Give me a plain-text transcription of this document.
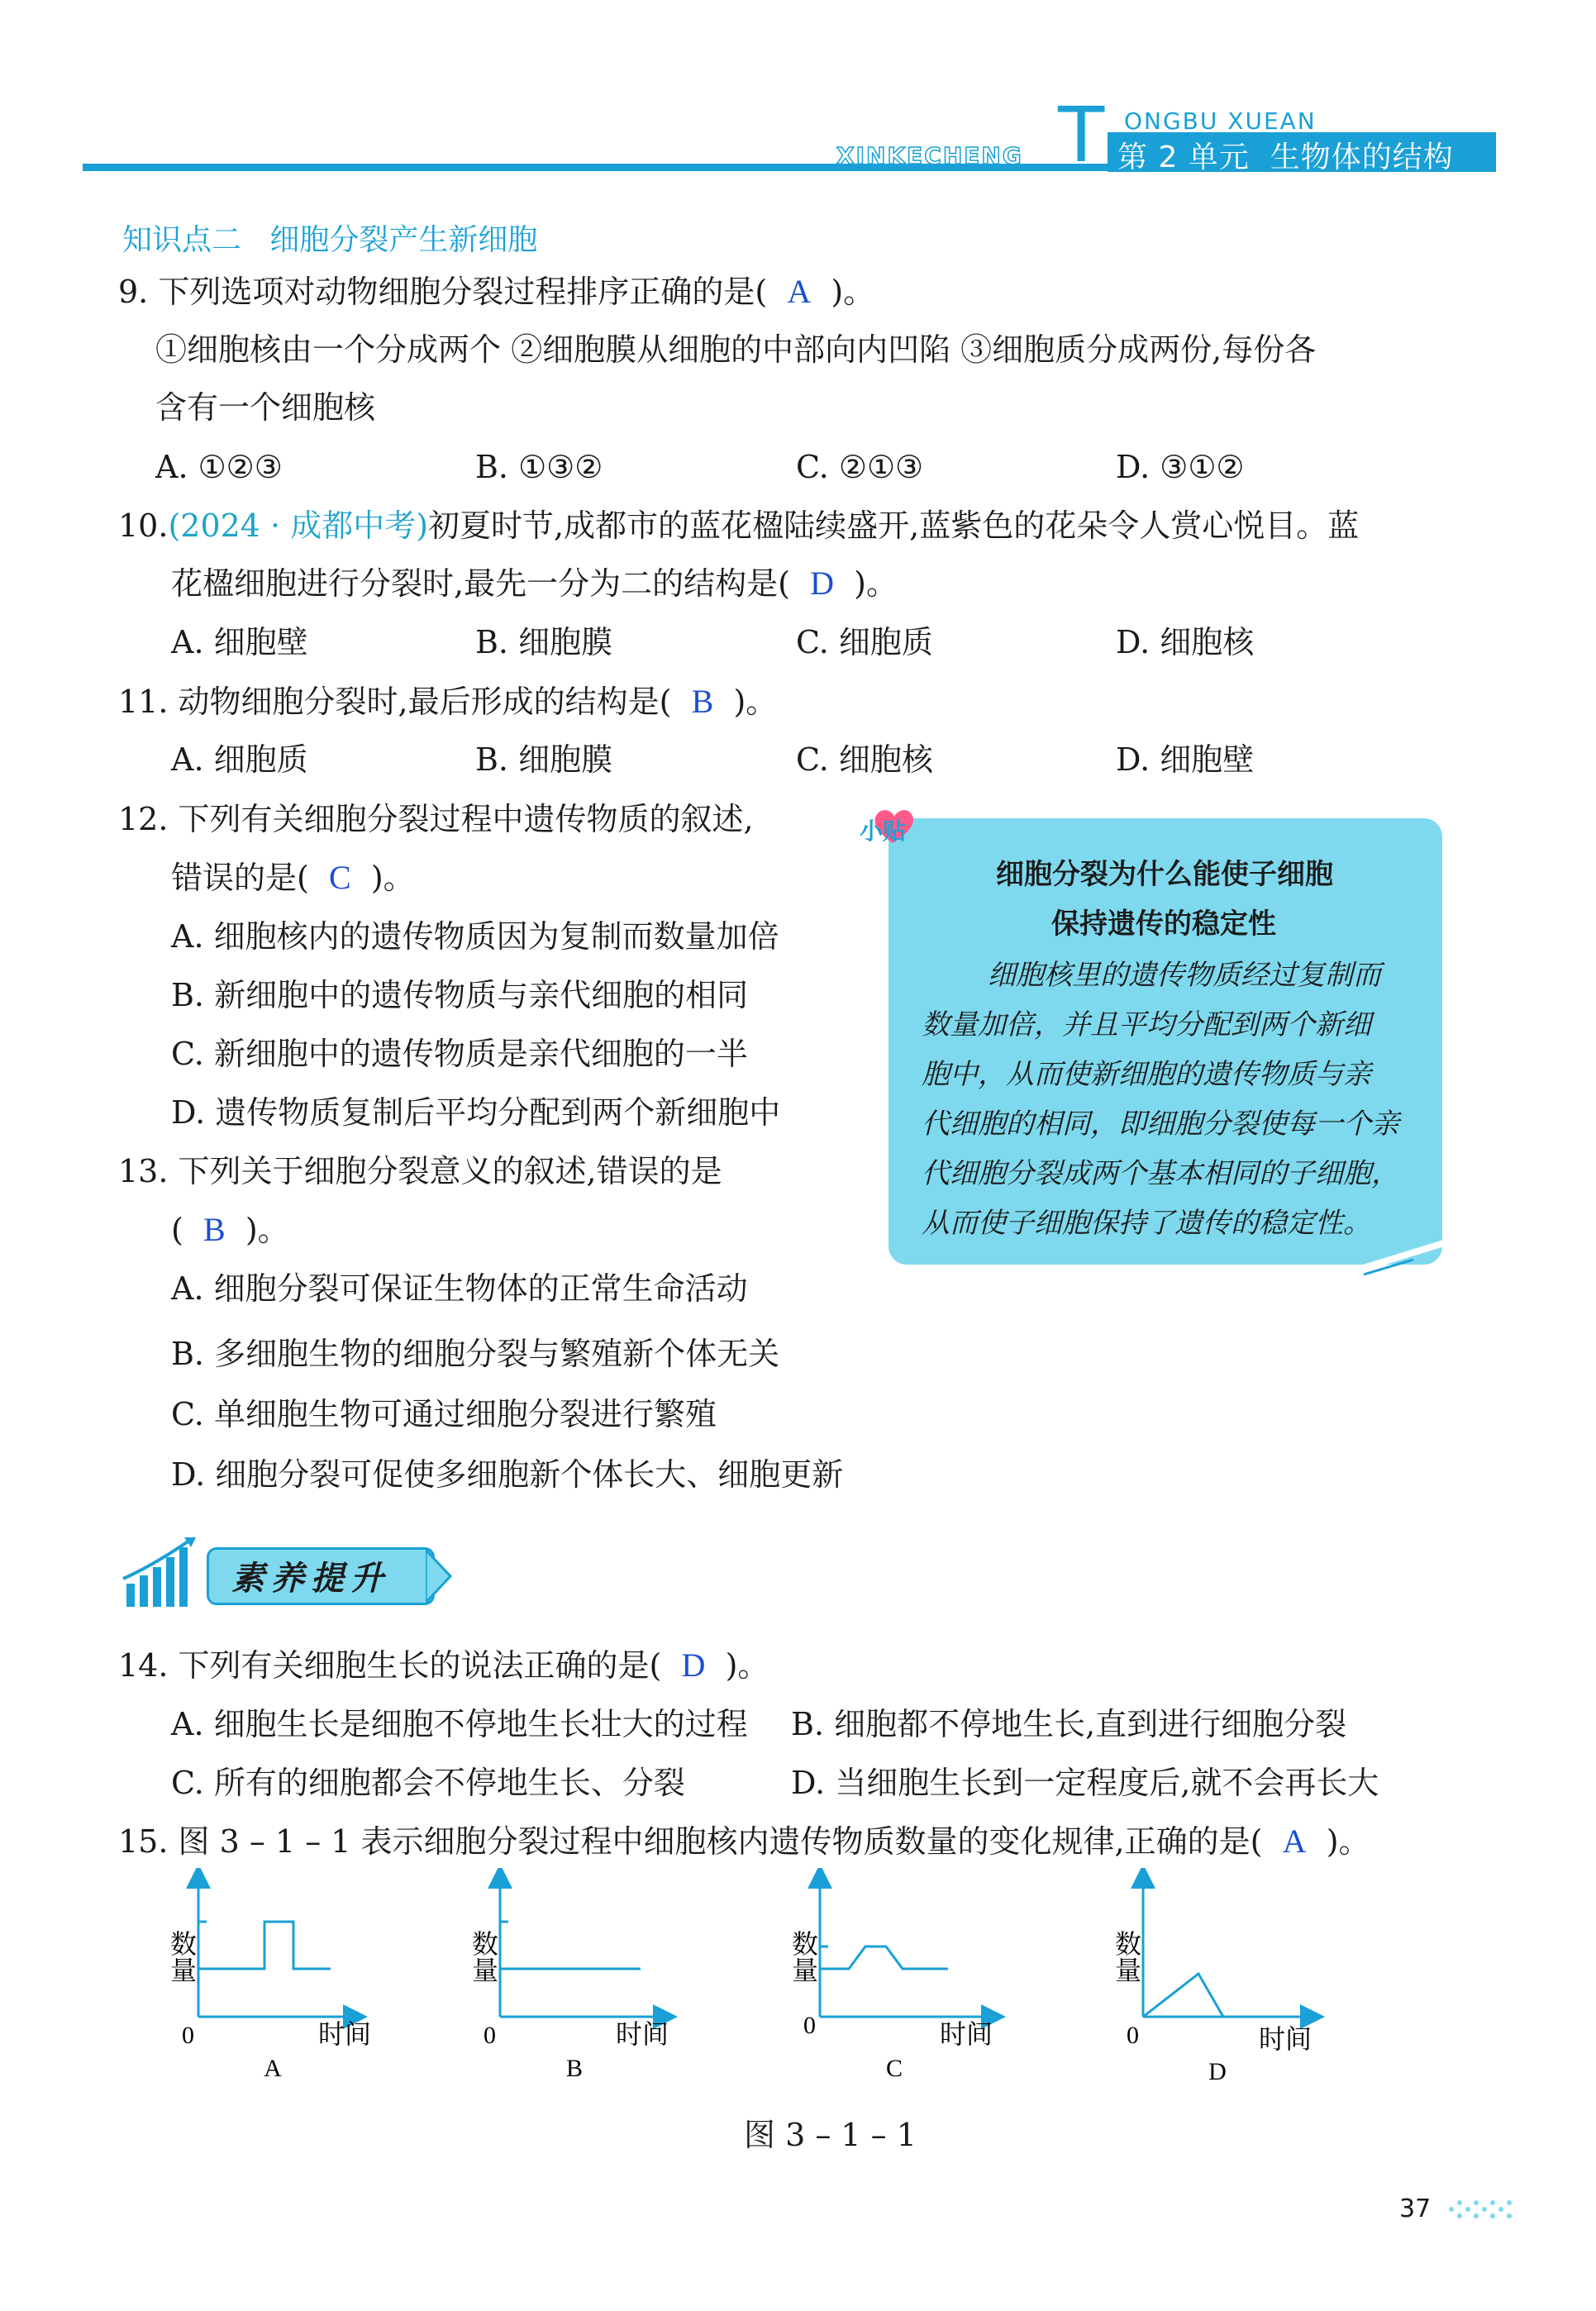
T ONGBU XUEAN
XINKECHENG	第 2 单元 生物体的结构
知识点二 细胞分裂产生新细胞
9. 下列选项对动物细胞分裂过程排序正确的是( A )。
①细胞核由一个分成两个 ②细胞膜从细胞的中部向内凹陷 ③细胞质分成两份,每份各
含有一个细胞核
A. ①②③	B. ①③②	C. ②①③	D. ③①②
10.(2024 · 成都中考)初夏时节,成都市的蓝花楹陆续盛开,蓝紫色的花朵令人赏心悦目。蓝
花楹细胞进行分裂时,最先一分为二的结构是( D )。
A. 细胞壁	B. 细胞膜	C. 细胞质	D. 细胞核
11. 动物细胞分裂时,最后形成的结构是( B )。
A. 细胞质	B. 细胞膜	C. 细胞核	D. 细胞壁
12. 下列有关细胞分裂过程中遗传物质的叙述,
错误的是( C )。
A. 细胞核内的遗传物质因为复制而数量加倍
B. 新细胞中的遗传物质与亲代细胞的相同
C. 新细胞中的遗传物质是亲代细胞的一半
D. 遗传物质复制后平均分配到两个新细胞中
13. 下列关于细胞分裂意义的叙述,错误的是
( B )。
A. 细胞分裂可保证生物体的正常生命活动
B. 多细胞生物的细胞分裂与繁殖新个体无关
C. 单细胞生物可通过细胞分裂进行繁殖
D. 细胞分裂可促使多细胞新个体长大、细胞更新
小贴
细胞分裂为什么能使子细胞
保持遗传的稳定性
细胞核里的遗传物质经过复制而
数量加倍，并且平均分配到两个新细
胞中，从而使新细胞的遗传物质与亲
代细胞的相同，即细胞分裂使每一个亲
代细胞分裂成两个基本相同的子细胞，
从而使子细胞保持了遗传的稳定性。
素养提升
14. 下列有关细胞生长的说法正确的是( D )。
A. 细胞生长是细胞不停地生长壮大的过程 B. 细胞都不停地生长,直到进行细胞分裂
C. 所有的细胞都会不停地生长、分裂	D. 当细胞生长到一定程度后,就不会再长大
15. 图 3 – 1 – 1 表示细胞分裂过程中细胞核内遗传物质数量的变化规律,正确的是( A )。
数量
0	时间
A
数量
0	时间
B
数量
0	时间
C
数量
0	时间
D
图 3 – 1 – 1
37
